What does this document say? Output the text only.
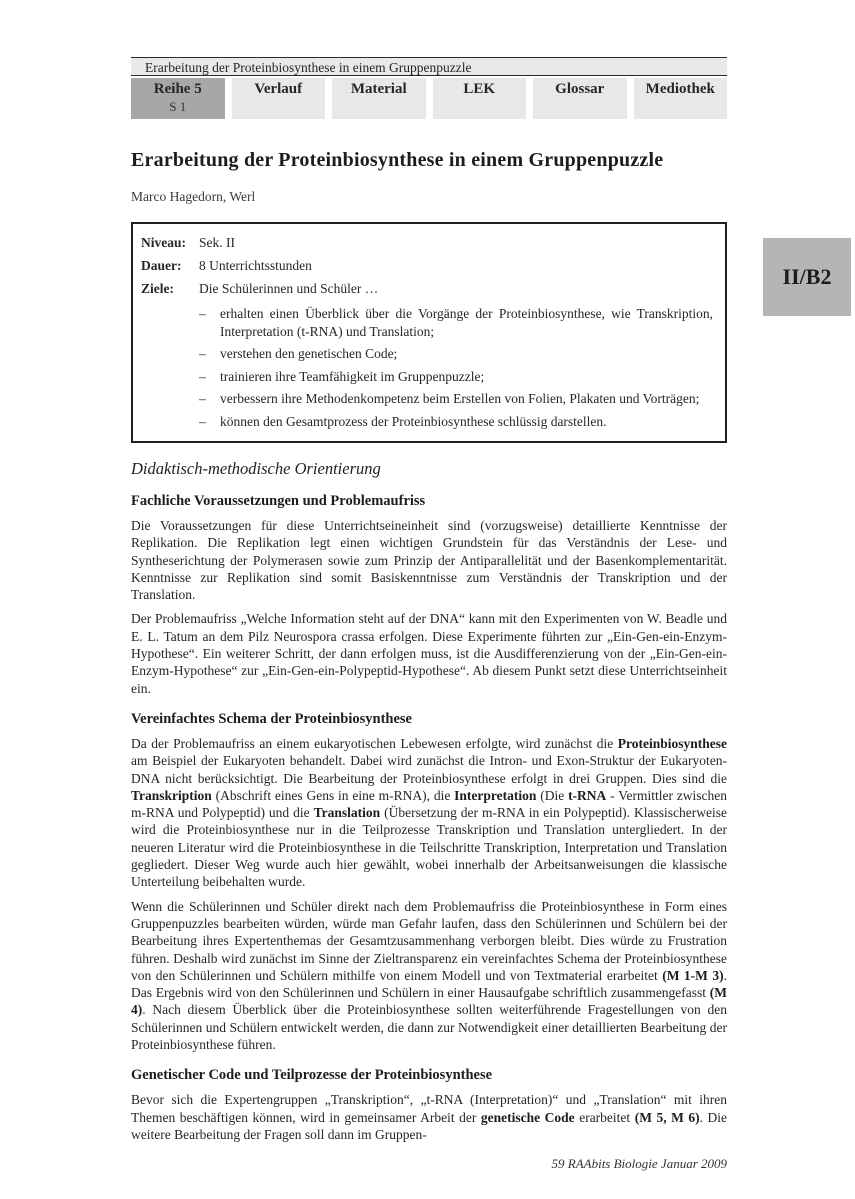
Erarbeitung der Proteinbiosynthese in einem Gruppenpuzzle
Reihe 5
S 1
Verlauf	Material	LEK	Glossar	Mediothek
Erarbeitung der Proteinbiosynthese in einem Gruppenpuzzle
Marco Hagedorn, Werl
Niveau: Sek. II
Dauer:	8 Unterrichtsstunden
Ziele:	Die Schülerinnen und Schüler …
– erhalten einen Überblick über die Vorgänge der Proteinbiosynthese, wie Transkription, Interpretation (t-RNA) und Translation;
– verstehen den genetischen Code;
– trainieren ihre Teamfähigkeit im Gruppenpuzzle;
– verbessern ihre Methodenkompetenz beim Erstellen von Folien, Plakaten und Vorträgen;
– können den Gesamtprozess der Proteinbiosynthese schlüssig darstellen.
Didaktisch-methodische Orientierung
Fachliche Voraussetzungen und Problemaufriss

Die Voraussetzungen für diese Unterrichtseineinheit sind (vorzugsweise) detaillierte Kenntnisse der Replikation. Die Replikation legt einen wichtigen Grundstein für das Verständnis der Lese- und Syntheserichtung der Polymerasen sowie zum Prinzip der Antiparallelität und der Basenkomplementarität. Kenntnisse zur Replikation sind somit Basiskenntnisse zum Verständnis der Transkription und der Translation.

Der Problemaufriss „Welche Information steht auf der DNA“ kann mit den Experimenten von W. Beadle und E. L. Tatum an dem Pilz Neurospora crassa erfolgen. Diese Experimente führten zur „Ein-Gen-ein-Enzym-Hypothese“. Ein weiterer Schritt, der dann erfolgen muss, ist die Ausdifferenzierung von der „Ein-Gen-ein-Enzym-Hypothese“ zur „Ein-Gen-ein-Polypeptid-Hypothese“. Ab diesem Punkt setzt diese Unterrichtseinheit ein.

Vereinfachtes Schema der Proteinbiosynthese

Da der Problemaufriss an einem eukaryotischen Lebewesen erfolgte, wird zunächst die Proteinbiosynthese am Beispiel der Eukaryoten behandelt. Dabei wird zunächst die Intron- und Exon-Struktur der Eukaryoten-DNA nicht berücksichtigt. Die Bearbeitung der Proteinbiosynthese erfolgt in drei Gruppen. Dies sind die Transkription (Abschrift eines Gens in eine m-RNA), die Interpretation (Die t-RNA - Vermittler zwischen m-RNA und Polypeptid) und die Translation (Übersetzung der m-RNA in ein Polypeptid). Klassischerweise wird die Proteinbiosynthese nur in die Teilprozesse Transkription und Translation untergliedert. In der neueren Literatur wird die Proteinbiosynthese in die Teilschritte Transkription, Interpretation und Translation gegliedert. Dieser Weg wurde auch hier gewählt, wobei innerhalb der Arbeitsanweisungen die klassische Unterteilung beibehalten wurde.

Wenn die Schülerinnen und Schüler direkt nach dem Problemaufriss die Proteinbiosynthese in Form eines Gruppenpuzzles bearbeiten würden, würde man Gefahr laufen, dass den Schülerinnen und Schülern bei der Bearbeitung ihres Expertenthemas der Gesamtzusammenhang verborgen bleibt. Dies würde zu Frustration führen. Deshalb wird zunächst im Sinne der Zieltransparenz ein vereinfachtes Schema der Proteinbiosynthese von den Schülerinnen und Schülern mithilfe von einem Modell und von Textmaterial erarbeitet (M 1-M 3). Das Ergebnis wird von den Schülerinnen und Schülern in einer Hausaufgabe schriftlich zusammengefasst (M 4). Nach diesem Überblick über die Proteinbiosynthese sollten weiterführende Fragestellungen von den Schülerinnen und Schülern entwickelt werden, die dann zur Notwendigkeit einer detaillierten Bearbeitung der Proteinbiosynthese führen.

Genetischer Code und Teilprozesse der Proteinbiosynthese

Bevor sich die Expertengruppen „Transkription“, „t-RNA (Interpretation)“ und „Translation“ mit ihren Themen beschäftigen können, wird in gemeinsamer Arbeit der genetische Code erarbeitet (M 5, M 6). Die weitere Bearbeitung der Fragen soll dann im Gruppen-

59 RAAbits Biologie Januar 2009
II/B2
